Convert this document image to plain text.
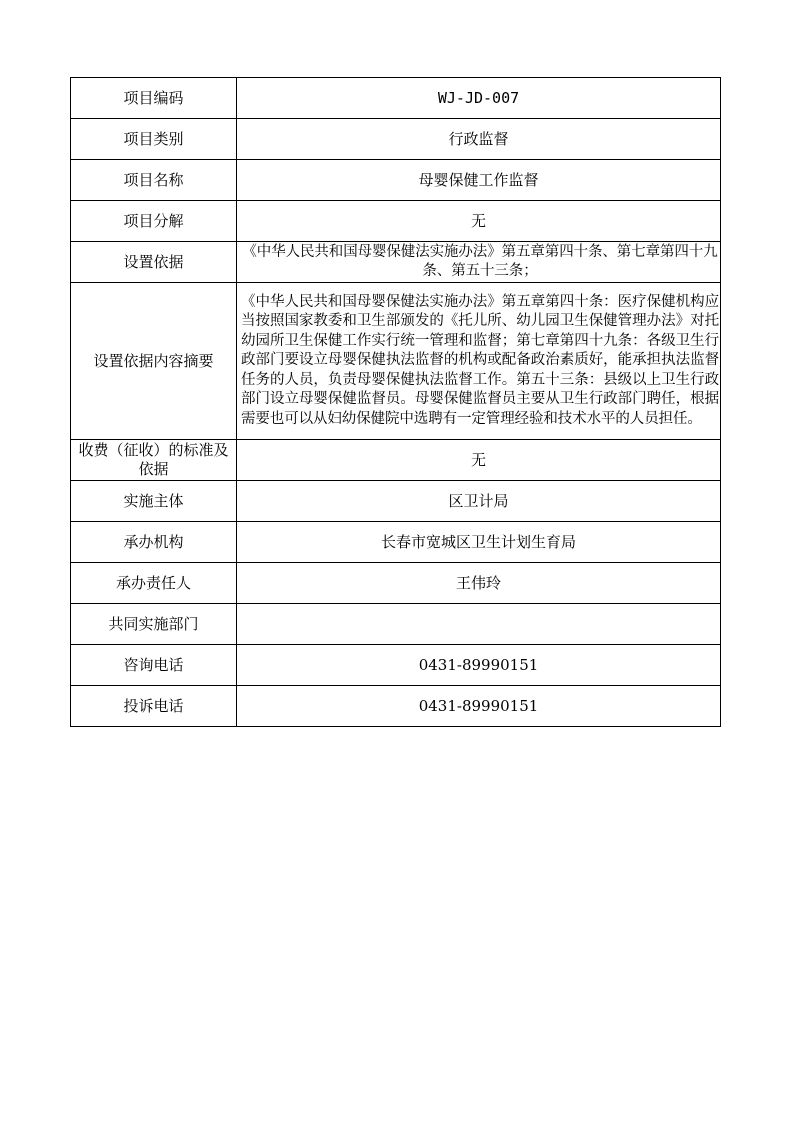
项目编码	WJ-JD-007
项目类别	行政监督
项目名称	母婴保健工作监督
项目分解	无
设置依据	《中华人民共和国母婴保健法实施办法》第五章第四十条、第七章第四十九条、第五十三条；
设置依据内容摘要	《中华人民共和国母婴保健法实施办法》第五章第四十条：医疗保健机构应当按照国家教委和卫生部颁发的《托儿所、幼儿园卫生保健管理办法》对托幼园所卫生保健工作实行统一管理和监督；第七章第四十九条：各级卫生行政部门要设立母婴保健执法监督的机构或配备政治素质好，能承担执法监督任务的人员，负责母婴保健执法监督工作。第五十三条：县级以上卫生行政部门设立母婴保健监督员。母婴保健监督员主要从卫生行政部门聘任，根据需要也可以从妇幼保健院中选聘有一定管理经验和技术水平的人员担任。

收费（征收）的标准及依据	无
实施主体	区卫计局
承办机构	长春市宽城区卫生计划生育局
承办责任人	王伟玲
共同实施部门	
咨询电话	0431-89990151
投诉电话	0431-89990151
